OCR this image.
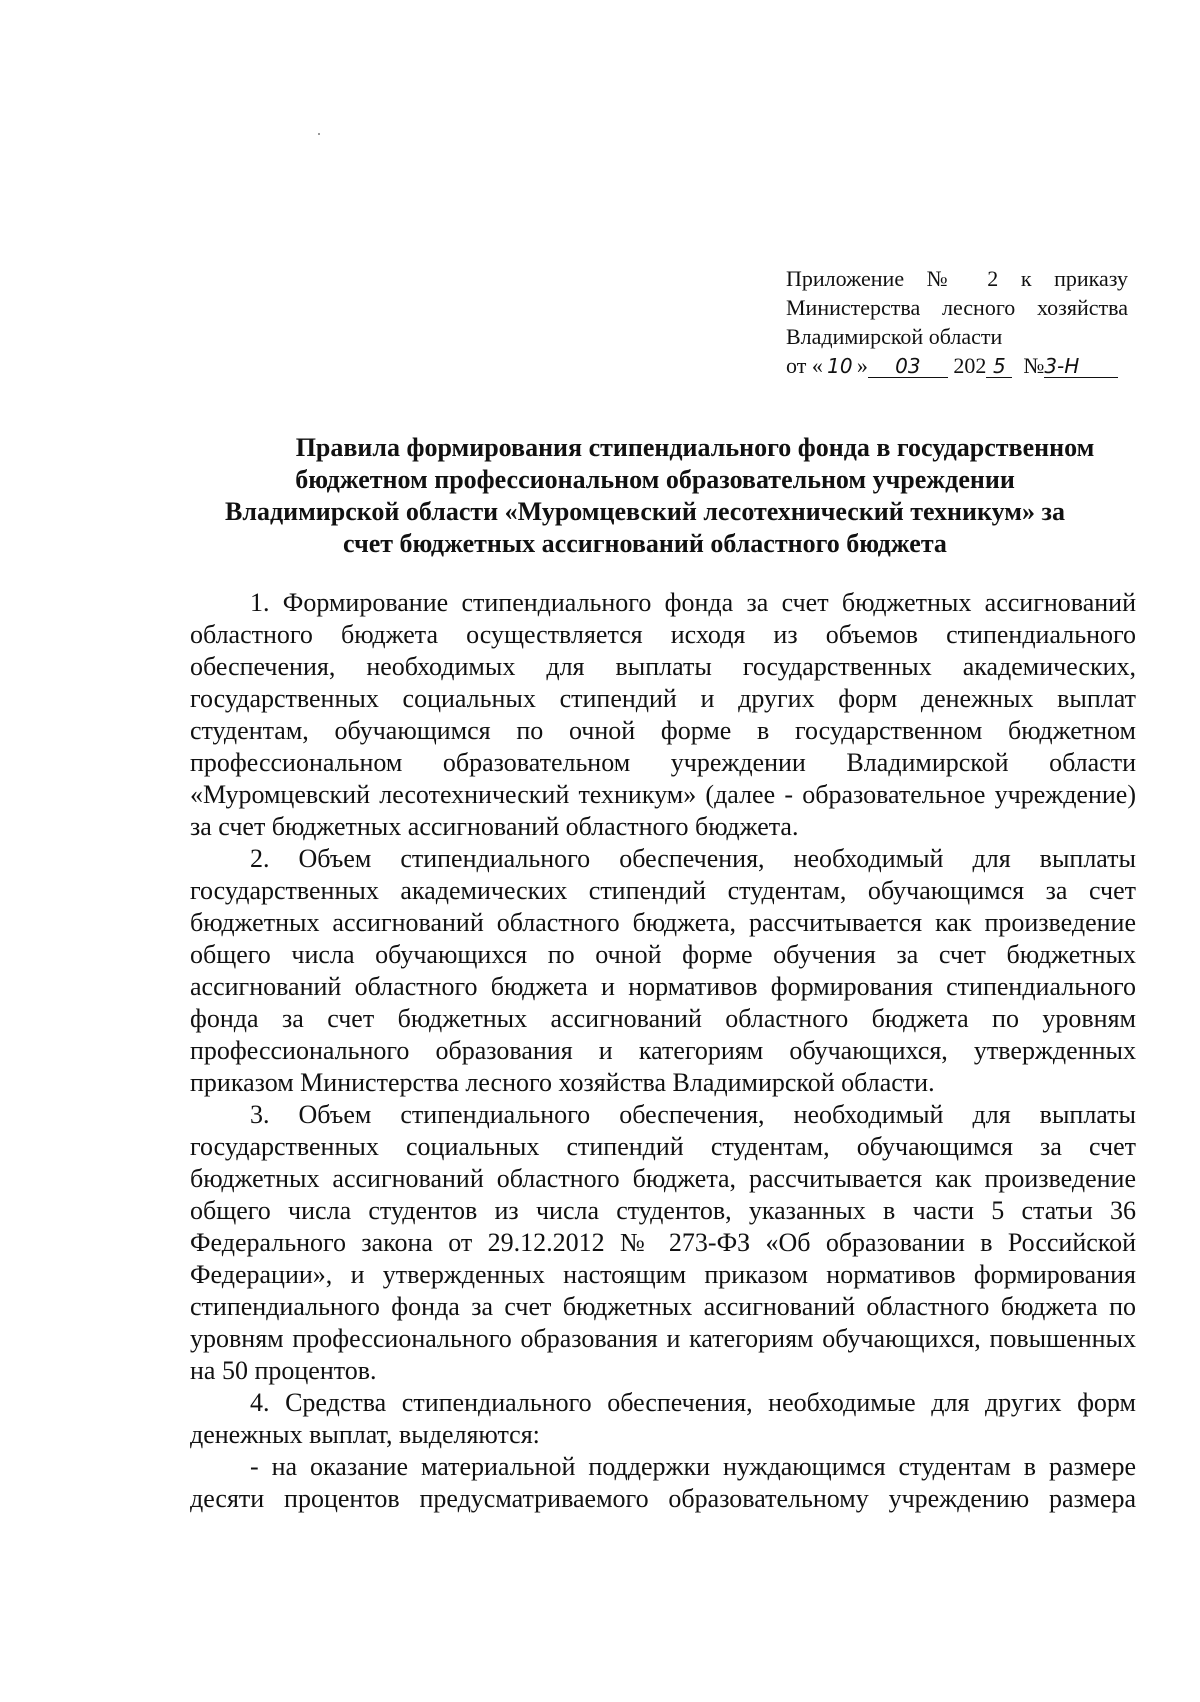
Приложение № 2 к приказу
Министерства лесного хозяйства
Владимирской области
от « 10 » 03 202 5 №3-Н
Правила формирования стипендиального фонда в государственном
бюджетном профессиональном образовательном учреждении
Владимирской области «Муромцевский лесотехнический техникум» за
счет бюджетных ассигнований областного бюджета

1. Формирование стипендиального фонда за счет бюджетных ассигнований областного бюджета осуществляется исходя из объемов стипендиального обеспечения, необходимых для выплаты государственных академических, государственных социальных стипендий и других форм денежных выплат студентам, обучающимся по очной форме в государственном бюджетном профессиональном образовательном учреждении Владимирской области «Муромцевский лесотехнический техникум» (далее - образовательное учреждение) за счет бюджетных ассигнований областного бюджета.

2. Объем стипендиального обеспечения, необходимый для выплаты государственных академических стипендий студентам, обучающимся за счет бюджетных ассигнований областного бюджета, рассчитывается как произведение общего числа обучающихся по очной форме обучения за счет бюджетных ассигнований областного бюджета и нормативов формирования стипендиального фонда за счет бюджетных ассигнований областного бюджета по уровням профессионального образования и категориям обучающихся, утвержденных приказом Министерства лесного хозяйства Владимирской области.

3. Объем стипендиального обеспечения, необходимый для выплаты государственных социальных стипендий студентам, обучающимся за счет бюджетных ассигнований областного бюджета, рассчитывается как произведение общего числа студентов из числа студентов, указанных в части 5 статьи 36 Федерального закона от 29.12.2012 № 273-ФЗ «Об образовании в Российской Федерации», и утвержденных настоящим приказом нормативов формирования стипендиального фонда за счет бюджетных ассигнований областного бюджета по уровням профессионального образования и категориям обучающихся, повышенных на 50 процентов.

4. Средства стипендиального обеспечения, необходимые для других форм денежных выплат, выделяются:

- на оказание материальной поддержки нуждающимся студентам в размере десяти процентов предусматриваемого образовательному учреждению размера
